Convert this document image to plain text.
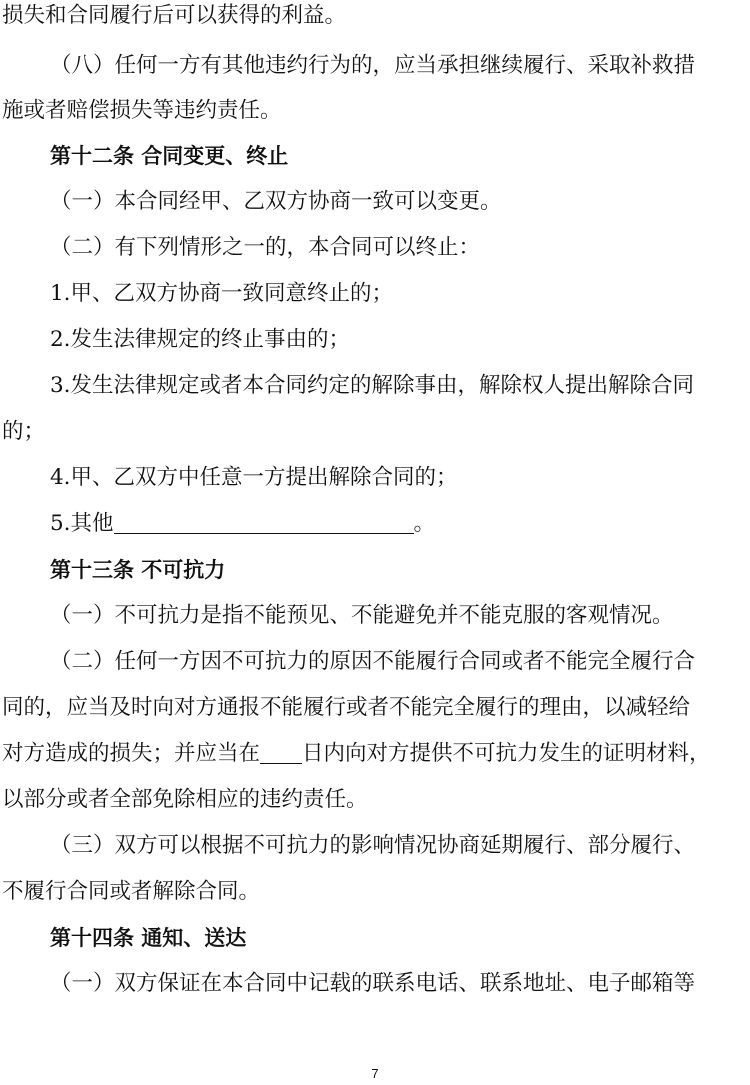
损失和合同履行后可以获得的利益。
（八）任何一方有其他违约行为的，应当承担继续履行、采取补救措
施或者赔偿损失等违约责任。
第十二条 合同变更、终止
（一）本合同经甲、乙双方协商一致可以变更。
（二）有下列情形之一的，本合同可以终止：
1.甲、乙双方协商一致同意终止的；
2.发生法律规定的终止事由的；
3.发生法律规定或者本合同约定的解除事由，解除权人提出解除合同
的；
4.甲、乙双方中任意一方提出解除合同的；
5.其他	。
第十三条 不可抗力
（一）不可抗力是指不能预见、不能避免并不能克服的客观情况。
（二）任何一方因不可抗力的原因不能履行合同或者不能完全履行合
同的，应当及时向对方通报不能履行或者不能完全履行的理由，以减轻给
对方造成的损失；并应当在 日内向对方提供不可抗力发生的证明材料，
以部分或者全部免除相应的违约责任。
（三）双方可以根据不可抗力的影响情况协商延期履行、部分履行、
不履行合同或者解除合同。
第十四条 通知、送达
（一）双方保证在本合同中记载的联系电话、联系地址、电子邮箱等
7
